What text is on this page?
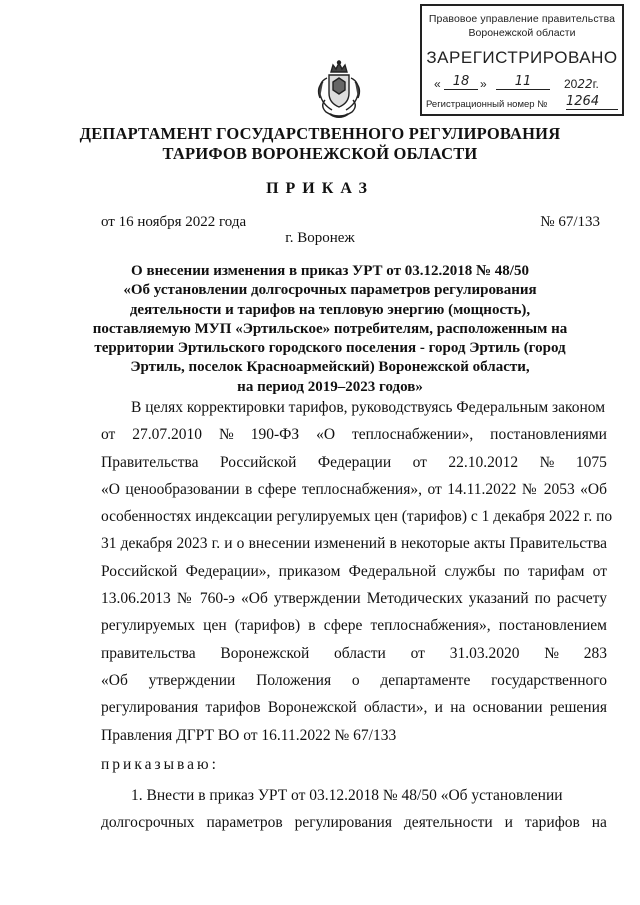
Правовое управление правительства
Воронежской области
ЗАРЕГИСТРИРОВАНО
« 18 »	11	2022г.
Регистрационный номер № 1264
ДЕПАРТАМЕНТ ГОСУДАРСТВЕННОГО РЕГУЛИРОВАНИЯ
ТАРИФОВ ВОРОНЕЖСКОЙ ОБЛАСТИ
ПРИКАЗ
от 16 ноября 2022 года	№ 67/133
г. Воронеж
О внесении изменения в приказ УРТ от 03.12.2018 № 48/50
«Об установлении долгосрочных параметров регулирования
деятельности и тарифов на тепловую энергию (мощность),
поставляемую МУП «Эртильское» потребителям, расположенным на
территории Эртильского городского поселения - город Эртиль (город
Эртиль, поселок Красноармейский) Воронежской области,
на период 2019–2023 годов»
В целях корректировки тарифов, руководствуясь Федеральным законом
от 27.07.2010 № 190-ФЗ «О теплоснабжении», постановлениями
Правительства Российской Федерации от 22.10.2012 № 1075
«О ценообразовании в сфере теплоснабжения», от 14.11.2022 № 2053 «Об
особенностях индексации регулируемых цен (тарифов) с 1 декабря 2022 г. по
31 декабря 2023 г. и о внесении изменений в некоторые акты Правительства
Российской Федерации», приказом Федеральной службы по тарифам от
13.06.2013 № 760-э «Об утверждении Методических указаний по расчету
регулируемых цен (тарифов) в сфере теплоснабжения», постановлением
правительства Воронежской области от 31.03.2020 № 283
«Об утверждении Положения о департаменте государственного
регулирования тарифов Воронежской области», и на основании решения
Правления ДГРТ ВО от 16.11.2022 № 67/133
приказываю:
1. Внести в приказ УРТ от 03.12.2018 № 48/50 «Об установлении
долгосрочных параметров регулирования деятельности и тарифов на
